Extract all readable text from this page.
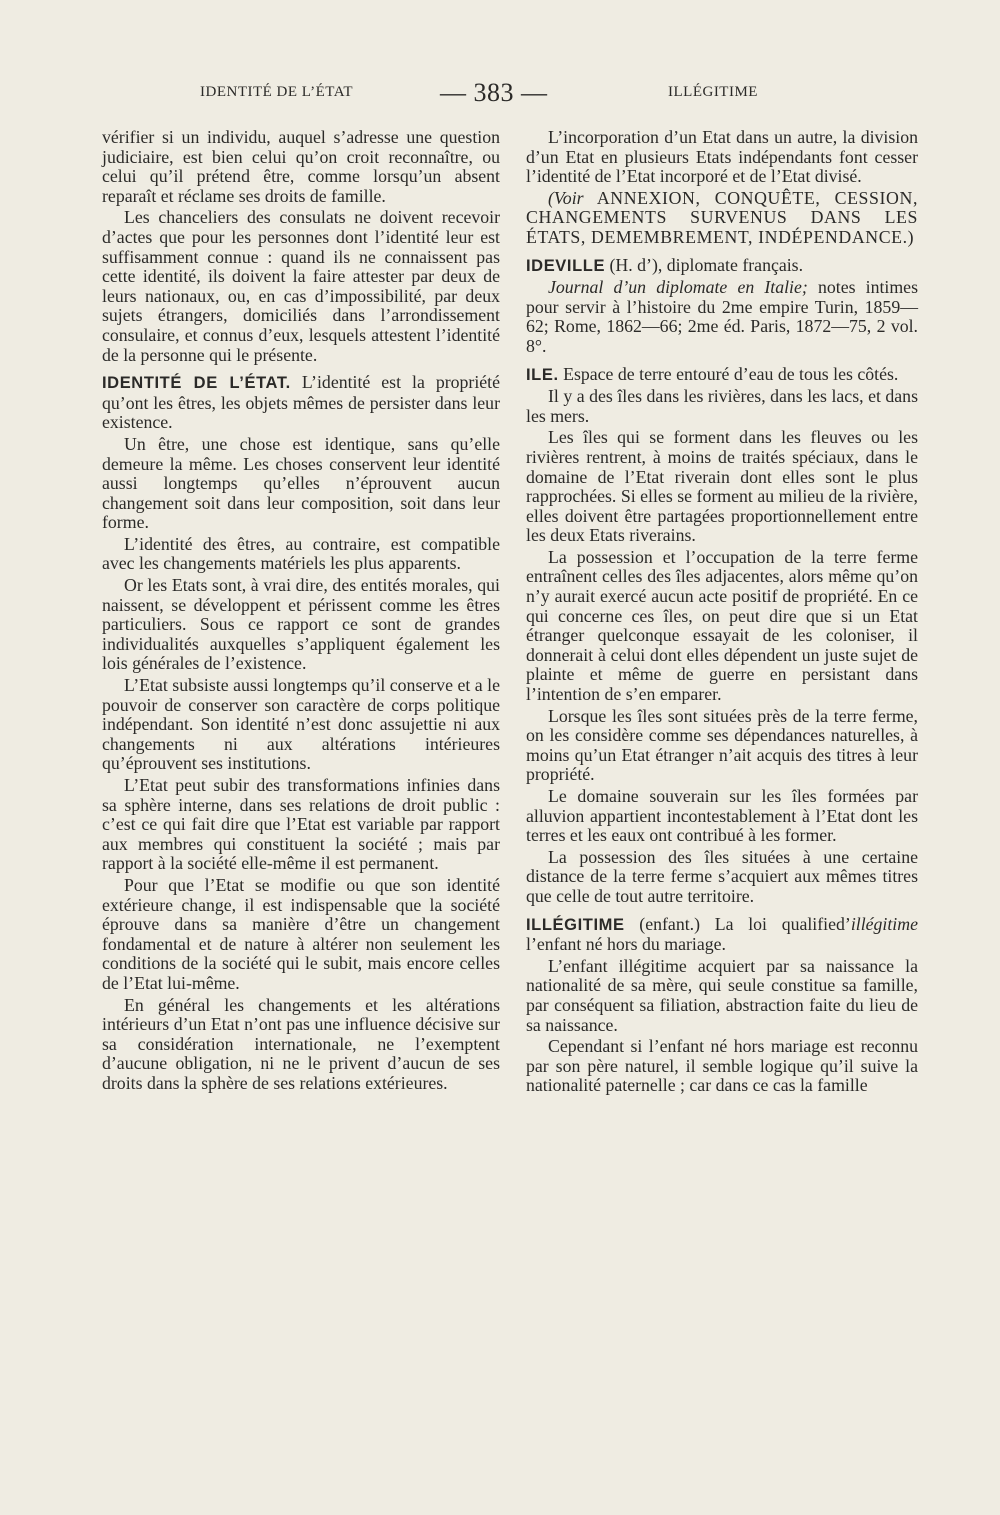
IDENTITÉ DE L’ÉTAT	— 383 —	ILLÉGITIME

vérifier si un individu, auquel s’adresse une question judiciaire, est bien celui qu’on croit reconnaître, ou celui qu’il prétend être, comme lorsqu’un absent reparaît et réclame ses droits de famille.

Les chanceliers des consulats ne doivent recevoir d’actes que pour les personnes dont l’identité leur est suffisamment connue : quand ils ne connaissent pas cette identité, ils doivent la faire attester par deux de leurs nationaux, ou, en cas d’impossibilité, par deux sujets étrangers, domiciliés dans l’arrondissement consulaire, et connus d’eux, lesquels attestent l’identité de la personne qui le présente.

IDENTITÉ DE L’ÉTAT. L’identité est la propriété qu’ont les êtres, les objets mêmes de persister dans leur existence.

Un être, une chose est identique, sans qu’elle demeure la même. Les choses conservent leur identité aussi longtemps qu’elles n’éprouvent aucun changement soit dans leur composition, soit dans leur forme.

L’identité des êtres, au contraire, est compatible avec les changements matériels les plus apparents.

Or les Etats sont, à vrai dire, des entités morales, qui naissent, se développent et périssent comme les êtres particuliers. Sous ce rapport ce sont de grandes individualités auxquelles s’appliquent également les lois générales de l’existence.

L’Etat subsiste aussi longtemps qu’il conserve et a le pouvoir de conserver son caractère de corps politique indépendant. Son identité n’est donc assujettie ni aux changements ni aux altérations intérieures qu’éprouvent ses institutions.

L’Etat peut subir des transformations infinies dans sa sphère interne, dans ses relations de droit public : c’est ce qui fait dire que l’Etat est variable par rapport aux membres qui constituent la société ; mais par rapport à la société elle-même il est permanent.

Pour que l’Etat se modifie ou que son identité extérieure change, il est indispensable que la société éprouve dans sa manière d’être un changement fondamental et de nature à altérer non seulement les conditions de la société qui le subit, mais encore celles de l’Etat lui-même.

En général les changements et les altérations intérieurs d’un Etat n’ont pas une influence décisive sur sa considération internationale, ne l’exemptent d’aucune obligation, ni ne le privent d’aucun de ses droits dans la sphère de ses relations extérieures.

L’incorporation d’un Etat dans un autre, la division d’un Etat en plusieurs Etats indépendants font cesser l’identité de l’Etat incorporé et de l’Etat divisé.

(Voir ANNEXION, CONQUÊTE, CESSION, CHANGEMENTS SURVENUS DANS LES ÉTATS, DEMEMBREMENT, INDÉPENDANCE.)

IDEVILLE (H. d’), diplomate français.

Journal d’un diplomate en Italie; notes intimes pour servir à l’histoire du 2me empire Turin, 1859—62; Rome, 1862—66; 2me éd. Paris, 1872—75, 2 vol. 8°.

ILE. Espace de terre entouré d’eau de tous les côtés.

Il y a des îles dans les rivières, dans les lacs, et dans les mers.

Les îles qui se forment dans les fleuves ou les rivières rentrent, à moins de traités spéciaux, dans le domaine de l’Etat riverain dont elles sont le plus rapprochées. Si elles se forment au milieu de la rivière, elles doivent être partagées proportionnellement entre les deux Etats riverains.

La possession et l’occupation de la terre ferme entraînent celles des îles adjacentes, alors même qu’on n’y aurait exercé aucun acte positif de propriété. En ce qui concerne ces îles, on peut dire que si un Etat étranger quelconque essayait de les coloniser, il donnerait à celui dont elles dépendent un juste sujet de plainte et même de guerre en persistant dans l’intention de s’en emparer.

Lorsque les îles sont situées près de la terre ferme, on les considère comme ses dépendances naturelles, à moins qu’un Etat étranger n’ait acquis des titres à leur propriété.

Le domaine souverain sur les îles formées par alluvion appartient incontestablement à l’Etat dont les terres et les eaux ont contribué à les former.

La possession des îles situées à une certaine distance de la terre ferme s’acquiert aux mêmes titres que celle de tout autre territoire.

ILLÉGITIME (enfant.) La loi qualified’illégitime l’enfant né hors du mariage.

L’enfant illégitime acquiert par sa naissance la nationalité de sa mère, qui seule constitue sa famille, par conséquent sa filiation, abstraction faite du lieu de sa naissance.

Cependant si l’enfant né hors mariage est reconnu par son père naturel, il semble logique qu’il suive la nationalité paternelle ; car dans ce cas la famille
